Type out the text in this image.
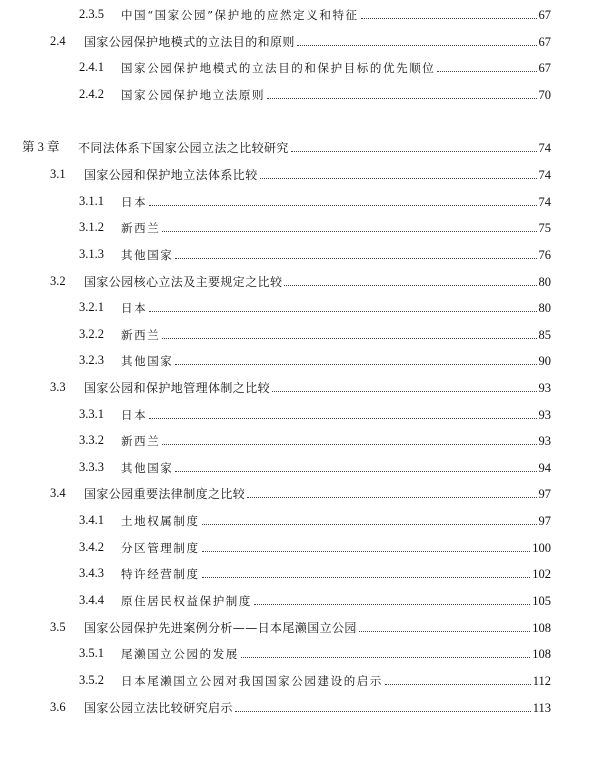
2.3.5 中国“国家公园”保护地的应然定义和特征	67
2.4 国家公园保护地模式的立法目的和原则	67
2.4.1 国家公园保护地模式的立法目的和保护目标的优先顺位	67
2.4.2 国家公园保护地立法原则	70
第 3 章 不同法体系下国家公园立法之比较研究	74
3.1 国家公园和保护地立法体系比较	74
3.1.1 日本	74
3.1.2 新西兰	75
3.1.3 其他国家	76
3.2 国家公园核心立法及主要规定之比较	80
3.2.1 日本	80
3.2.2 新西兰	85
3.2.3 其他国家	90
3.3 国家公园和保护地管理体制之比较	93
3.3.1 日本	93
3.3.2 新西兰	93
3.3.3 其他国家	94
3.4 国家公园重要法律制度之比较	97
3.4.1 土地权属制度	97
3.4.2 分区管理制度	100
3.4.3 特许经营制度	102
3.4.4 原住居民权益保护制度	105
3.5 国家公园保护先进案例分析——日本尾濑国立公园	108
3.5.1 尾濑国立公园的发展	108
3.5.2 日本尾濑国立公园对我国国家公园建设的启示	112
3.6 国家公园立法比较研究启示	113
